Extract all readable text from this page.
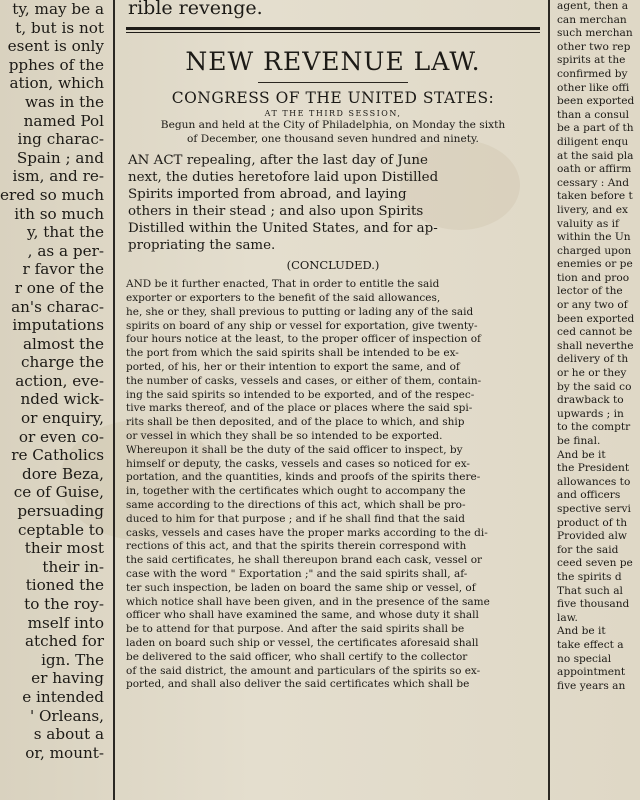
ty, may be a
t, but is not
esent is only
pphes of the
ation, which
was in the
named Pol
ing charac-
Spain ; and
ism, and re-
ered so much
ith so much
y, that the
, as a per-
r favor the
r one of the
an's charac-
imputations
almost the
charge the
action, eve-
nded wick-
or enquiry,
or even co-
re Catholics
dore Beza,
ce of Guise,
persuading
ceptable to
their most
their in-
tioned the
to the roy-
mself into
atched for
ign. The
er having
e intended
' Orleans,
s about a
or, mount-
rible revenge.
NEW REVENUE LAW.
CONGRESS OF THE UNITED STATES:
AT THE THIRD SESSION,
Begun and held at the City of Philadelphia, on Monday the sixth
of December, one thousand seven hundred and ninety.
AN ACT repealing, after the last day of June
next, the duties heretofore laid upon Distilled
Spirits imported from abroad, and laying
others in their stead ; and also upon Spirits
Distilled within the United States, and for ap-
propriating the same.
(CONCLUDED.)
AND be it further enacted, That in order to entitle the said
exporter or exporters to the benefit of the said allowances,
he, she or they, shall previous to putting or lading any of the said
spirits on board of any ship or vessel for exportation, give twenty-
four hours notice at the least, to the proper officer of inspection of
the port from which the said spirits shall be intended to be ex-
ported, of his, her or their intention to export the same, and of
the number of casks, vessels and cases, or either of them, contain-
ing the said spirits so intended to be exported, and of the respec-
tive marks thereof, and of the place or places where the said spi-
rits shall be then deposited, and of the place to which, and ship
or vessel in which they shall be so intended to be exported.
Whereupon it shall be the duty of the said officer to inspect, by
himself or deputy, the casks, vessels and cases so noticed for ex-
portation, and the quantities, kinds and proofs of the spirits there-
in, together with the certificates which ought to accompany the
same according to the directions of this act, which shall be pro-
duced to him for that purpose ; and if he shall find that the said
casks, vessels and cases have the proper marks according to the di-
rections of this act, and that the spirits therein correspond with
the said certificates, he shall thereupon brand each cask, vessel or
case with the word " Exportation ;" and the said spirits shall, af-
ter such inspection, be laden on board the same ship or vessel, of
which notice shall have been given, and in the presence of the same
officer who shall have examined the same, and whose duty it shall
be to attend for that purpose. And after the said spirits shall be
laden on board such ship or vessel, the certificates aforesaid shall
be delivered to the said officer, who shall certify to the collector
of the said district, the amount and particulars of the spirits so ex-
ported, and shall also deliver the said certificates which shall be
agent, then a
can merchan
such merchan
other two rep
spirits at the
confirmed by
other like offi
been exported
than a consul
be a part of th
diligent enqu
at the said pla
oath or affirm
cessary : And
taken before t
livery, and ex
valuity as if
within the Un
charged upon
enemies or pe
tion and proo
lector of the
or any two of
been exported
ced cannot be
shall neverthe
delivery of th
or he or they
by the said co
drawback to
upwards ; in
to the comptr
be final.
And be it
the President
allowances to
and officers
spective servi
product of th
Provided alw
for the said
ceed seven pe
the spirits d
That such al
five thousand
law.
And be it
take effect a
no special
appointment
five years an
